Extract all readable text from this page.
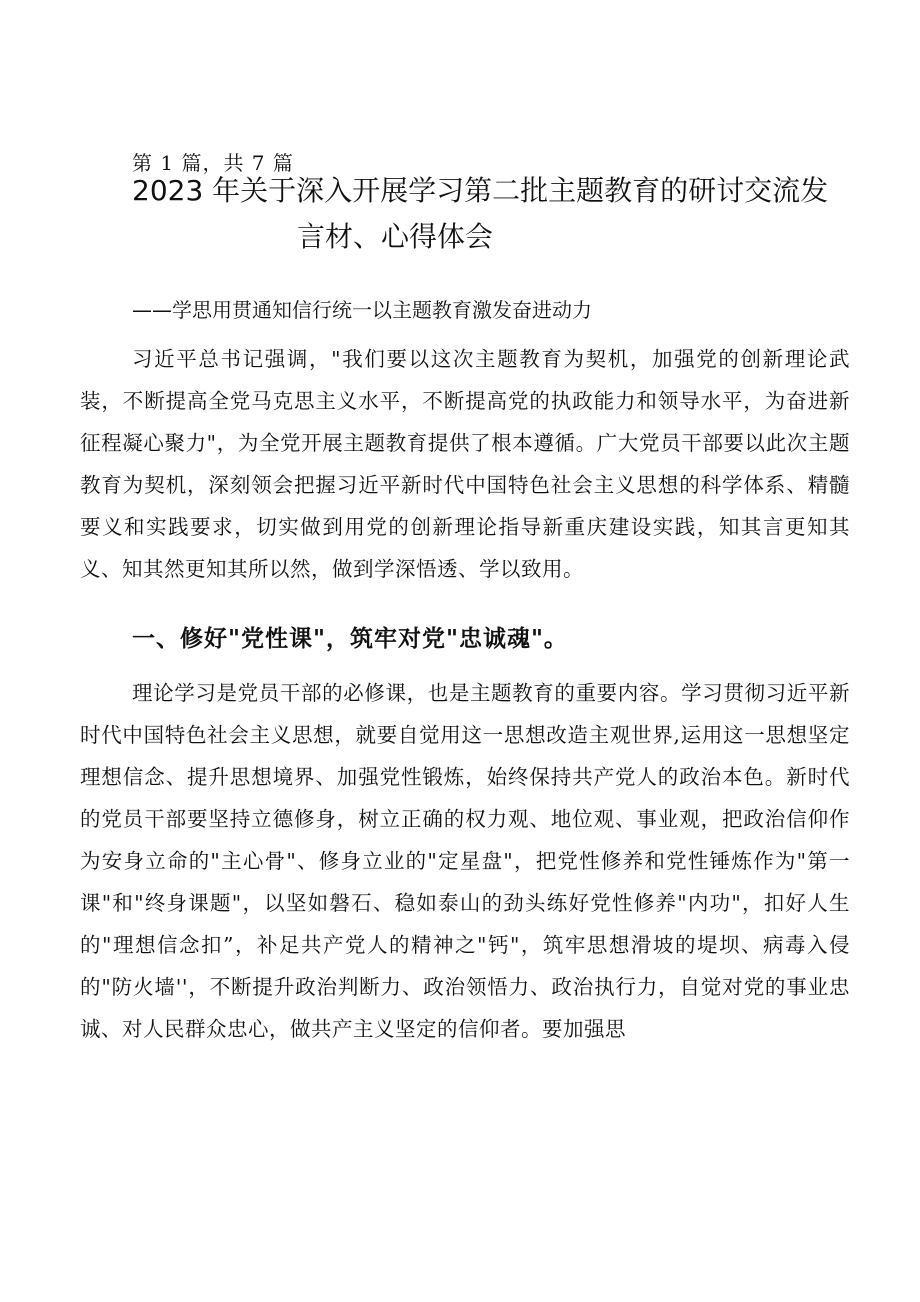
第 1 篇，共 7 篇
2023 年关于深入开展学习第二批主题教育的研讨交流发
言材、心得体会
——学思用贯通知信行统一以主题教育激发奋进动力

习近平总书记强调，"我们要以这次主题教育为契机，加强党的创新理论武装，不断提高全党马克思主义水平，不断提高党的执政能力和领导水平，为奋进新征程凝心聚力"，为全党开展主题教育提供了根本遵循。广大党员干部要以此次主题教育为契机，深刻领会把握习近平新时代中国特色社会主义思想的科学体系、精髓要义和实践要求，切实做到用党的创新理论指导新重庆建设实践，知其言更知其义、知其然更知其所以然，做到学深悟透、学以致用。

一、修好"党性课"，筑牢对党"忠诚魂"。

理论学习是党员干部的必修课，也是主题教育的重要内容。学习贯彻习近平新时代中国特色社会主义思想，就要自觉用这一思想改造主观世界,运用这一思想坚定理想信念、提升思想境界、加强党性锻炼，始终保持共产党人的政治本色。新时代的党员干部要坚持立德修身，树立正确的权力观、地位观、事业观，把政治信仰作为安身立命的"主心骨"、修身立业的"定星盘"，把党性修养和党性锤炼作为"第一课"和"终身课题"，以坚如磐石、稳如泰山的劲头练好党性修养"内功"，扣好人生的"理想信念扣”，补足共产党人的精神之"钙"，筑牢思想滑坡的堤坝、病毒入侵的"防火墙''，不断提升政治判断力、政治领悟力、政治执行力，自觉对党的事业忠诚、对人民群众忠心，做共产主义坚定的信仰者。要加强思
